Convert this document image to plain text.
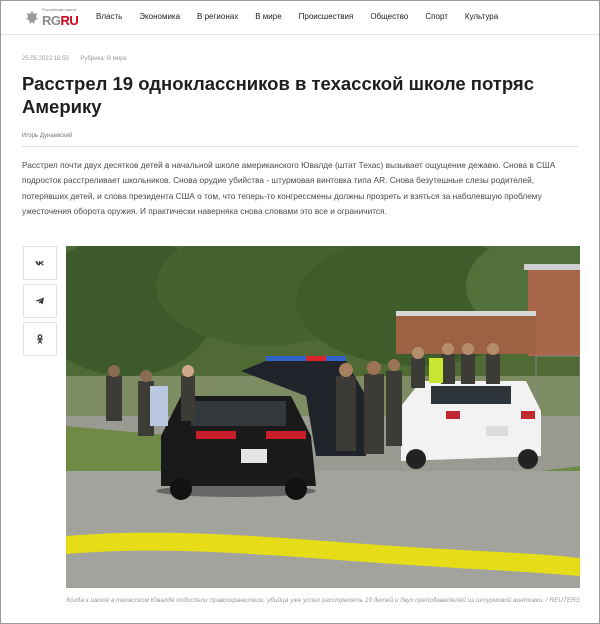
Российская газета
RGRU Власть Экономика В регионах В мире Происшествия Общество Спорт Культура
25.05.2022 18:55 Рубрика: В мире
Расстрел 19 одноклассников в техасской школе потряс Америку
Игорь Дунаевский

Расстрел почти двух десятков детей в начальной школе американского Ювалде (штат Техас) вызывает ощущение дежавю. Снова в США подросток расстреливает школьников. Снова орудие убийства - штурмовая винтовка типа AR. Снова безутешные слезы родителей, потерявших детей, и слова президента США о том, что теперь-то конгрессмены должны прозреть и взяться за наболевшую проблему ужесточения оборота оружия. И практически наверняка снова словами это все и ограничится.

Когда к школе в техасском Ювалде подоспели правоохранители, убийца уже успел расстрелять 19 детей и двух преподавателей из штурмовой винтовки. / REUTERS
